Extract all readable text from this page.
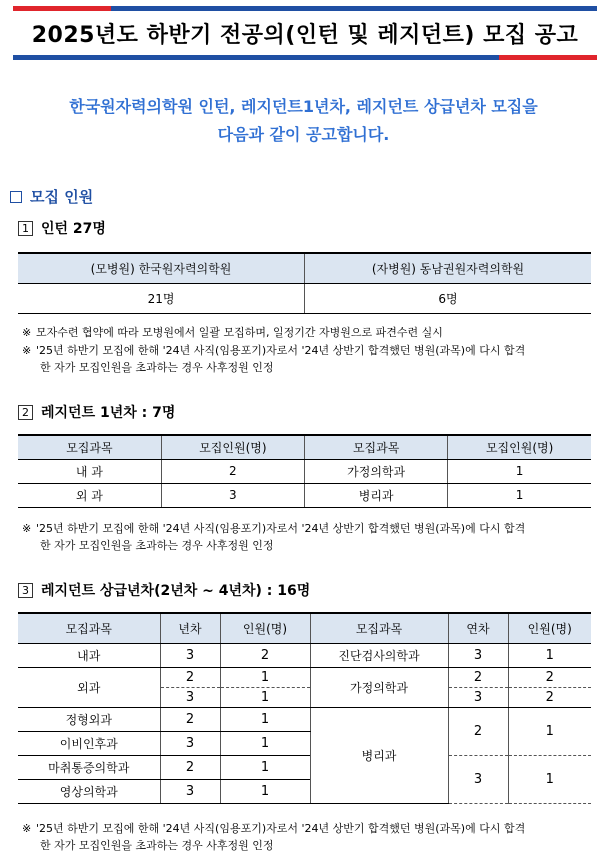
2025년도 하반기 전공의(인턴 및 레지던트) 모집 공고
한국원자력의학원 인턴, 레지던트1년차, 레지던트 상급년차 모집을
다음과 같이 공고합니다.
모집 인원
1 인턴 27명
(모병원) 한국원자력의학원	(자병원) 동남권원자력의학원
21명	6명
※ 모자수련 협약에 따라 모병원에서 일괄 모집하며, 일정기간 자병원으로 파견수련 실시
※ '25년 하반기 모집에 한해 '24년 사직(임용포기)자로서 '24년 상반기 합격했던 병원(과목)에 다시 합격
한 자가 모집인원을 초과하는 경우 사후정원 인정
2 레지던트 1년차 : 7명
모집과목	모집인원(명)	모집과목	모집인원(명)
내 과	2	가정의학과	1
외 과	3	병리과	1
※ '25년 하반기 모집에 한해 '24년 사직(임용포기)자로서 '24년 상반기 합격했던 병원(과목)에 다시 합격
한 자가 모집인원을 초과하는 경우 사후정원 인정
3 레지던트 상급년차(2년차 ~ 4년차) : 16명
모집과목	년차	인원(명)	모집과목	연차	인원(명)
내과	3	2	진단검사의학과	3	1
외과	2	1	가정의학과	2	2
	3	1		3	2
정형외과	2	1	병리과	2	1
이비인후과	3	1			
마취통증의학과	2	1		3	1
영상의학과	3	1			
※ '25년 하반기 모집에 한해 '24년 사직(임용포기)자로서 '24년 상반기 합격했던 병원(과목)에 다시 합격
한 자가 모집인원을 초과하는 경우 사후정원 인정
